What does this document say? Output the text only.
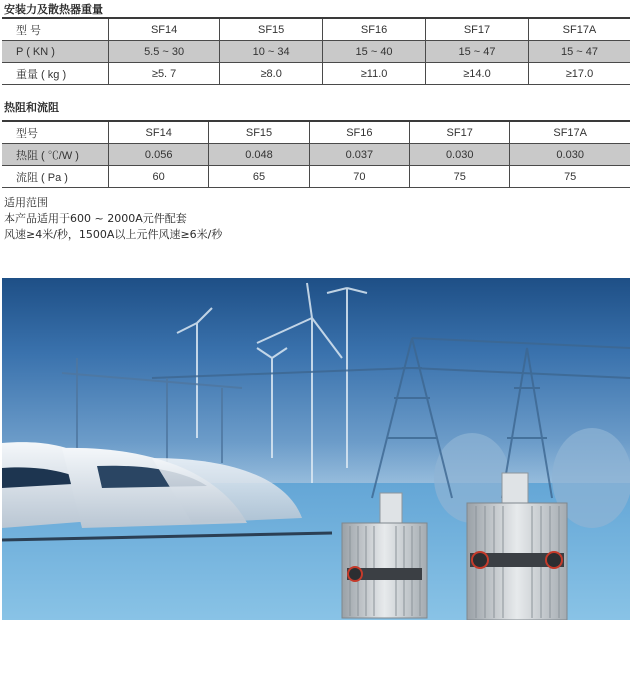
安装力及散热器重量
型 号	SF14	SF15	SF16	SF17	SF17A
P ( KN )	5.5 ~ 30	10 ~ 34	15 ~ 40	15 ~ 47	15 ~ 47
重量 ( kg )	≥5. 7	≥8.0	≥11.0	≥14.0	≥17.0
热阻和流阻
型号	SF14	SF15	SF16	SF17	SF17A
热阻 ( ℃/W )	0.056	0.048	0.037	0.030	0.030
流阻 ( Pa )	60	65	70	75	75
适用范围
本产品适用于600 ~ 2000A元件配套
风速≥4米/秒，1500A以上元件风速≥6米/秒
